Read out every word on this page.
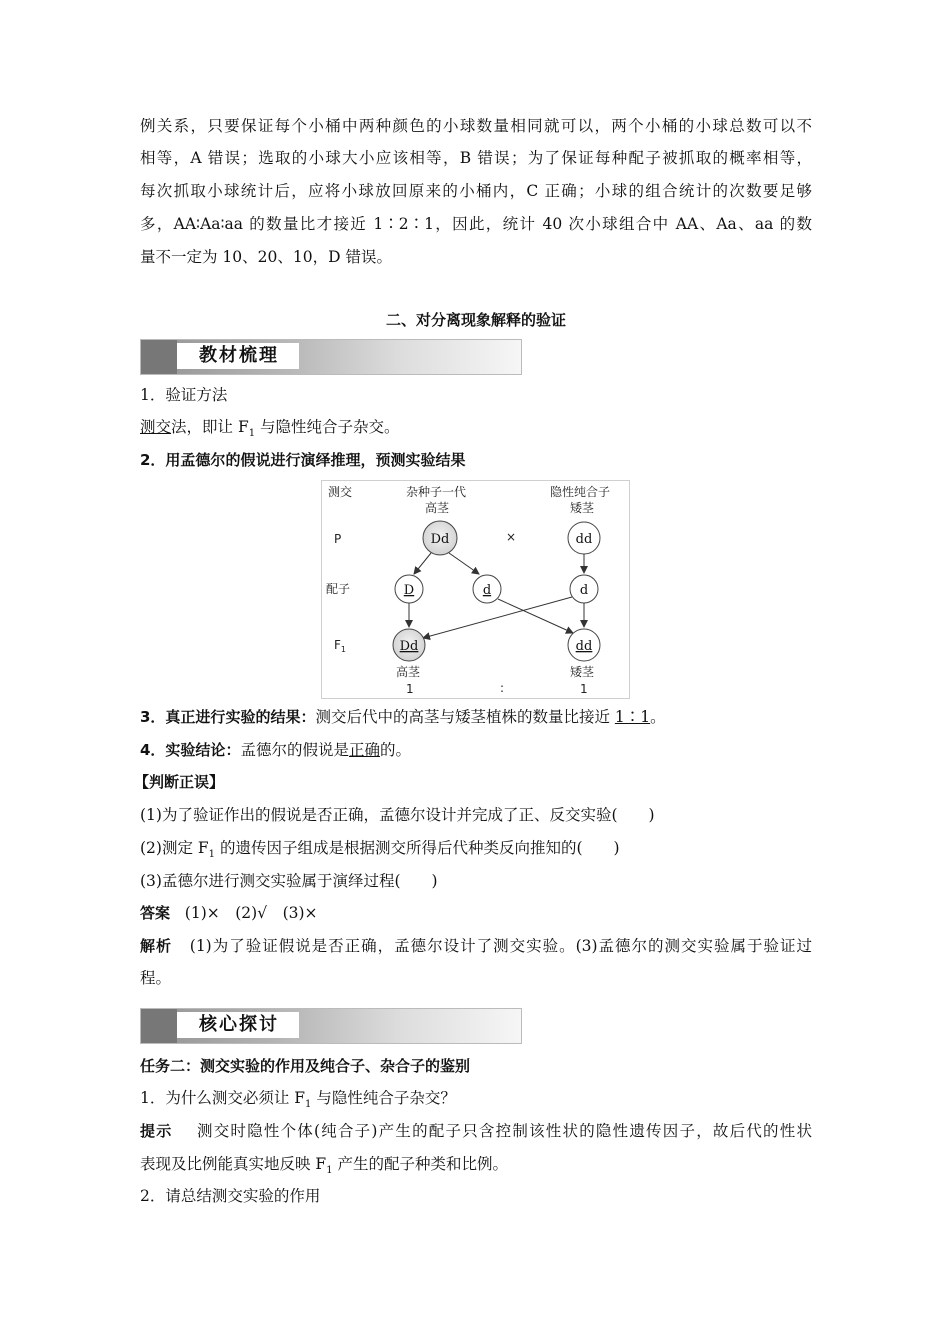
例关系，只要保证每个小桶中两种颜色的小球数量相同就可以，两个小桶的小球总数可以不
相等，A 错误；选取的小球大小应该相等，B 错误；为了保证每种配子被抓取的概率相等，
每次抓取小球统计后，应将小球放回原来的小桶内，C 正确；小球的组合统计的次数要足够
多，AA∶Aa∶aa 的数量比才接近 1∶2∶1，因此，统计 40 次小球组合中 AA、Aa、aa 的数
量不一定为 10、20、10，D 错误。
二、对分离现象解释的验证
教材梳理
1．验证方法
测交法，即让 $F_1$ 与隐性纯合子杂交。
2．用孟德尔的假说进行演绎推理，预测实验结果
测交	杂种子一代
高茎
隐性纯合子
矮茎
P	×
Dd	dd
配子	D	d	d
$F_1$	Dd	dd
高茎	矮茎
1	:	1
3．真正进行实验的结果：测交后代中的高茎与矮茎植株的数量比接近 1∶1。
4．实验结论：孟德尔的假说是正确的。
【判断正误】
(1)为了验证作出的假说是否正确，孟德尔设计并完成了正、反交实验(　　)
(2)测定 $F_1$ 的遗传因子组成是根据测交所得后代种类反向推知的(　　)
(3)孟德尔进行测交实验属于演绎过程(　　)
答案 (1)×　(2)√　(3)×
解析 (1)为了验证假说是否正确，孟德尔设计了测交实验。(3)孟德尔的测交实验属于验证过
程。
核心探讨
任务二：测交实验的作用及纯合子、杂合子的鉴别
1．为什么测交必须让 $F_1$ 与隐性纯合子杂交？
提示 测交时隐性个体(纯合子)产生的配子只含控制该性状的隐性遗传因子，故后代的性状
表现及比例能真实地反映 $F_1$ 产生的配子种类和比例。
2．请总结测交实验的作用
